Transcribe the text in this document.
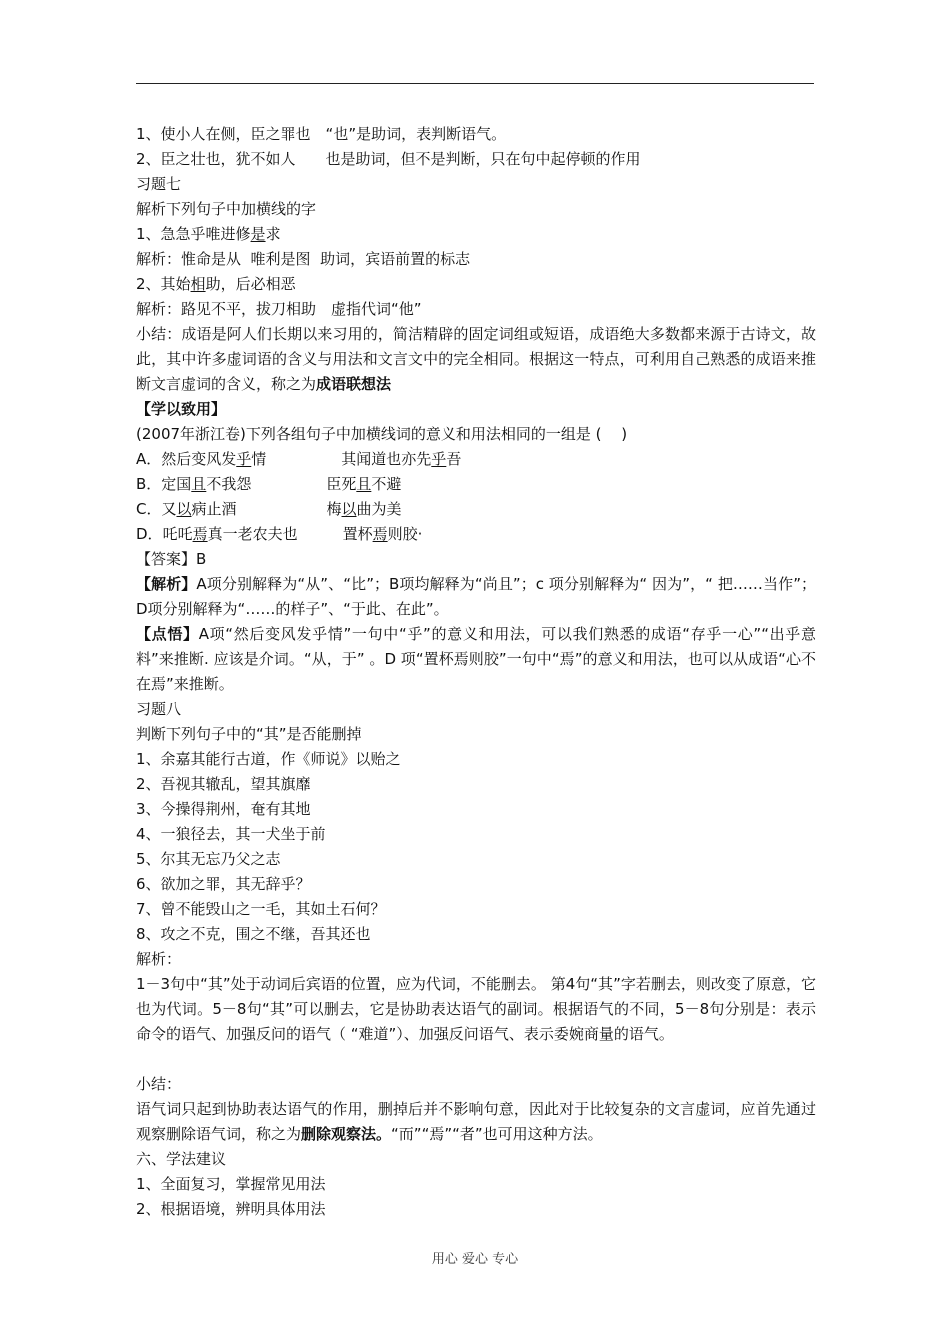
1、使小人在侧，臣之罪也　“也”是助词，表判断语气。
2、臣之壮也，犹不如人　　也是助词，但不是判断，只在句中起停顿的作用
习题七
解析下列句子中加横线的字
1、急急乎唯进修是求
解析：惟命是从  唯利是图  助词，宾语前置的标志
2、其始相助，后必相恶
解析：路见不平，拔刀相助　虚指代词“他”
小结：成语是阿人们长期以来习用的，简洁精辟的固定词组或短语，成语绝大多数都来源于古诗文，故此，其中许多虚词语的含义与用法和文言文中的完全相同。根据这一特点，可利用自己熟悉的成语来推断文言虚词的含义，称之为成语联想法
【学以致用】
(2007年浙江卷)下列各组句子中加横线词的意义和用法相同的一组是 (　 )
A．然后变风发乎情　　　　　其闻道也亦先乎吾
B．定国且不我怨　　　　　臣死且不避
C．又以病止酒　　　　　　梅以曲为美
D．吒吒焉真一老农夫也　　　置杯焉则胶·
【答案】B
【解析】A项分别解释为“从”、“比”；B项均解释为“尚且”；c 项分别解释为“ 因为”，“ 把……当作”；D项分别解释为“……的样子”、“于此、在此”。
【点悟】A项“然后变风发乎情”一句中“乎”的意义和用法，可以我们熟悉的成语“存乎一心”“出乎意料”来推断. 应该是介词。“从，于” 。D 项“置杯焉则胶”一句中“焉”的意义和用法，也可以从成语“心不在焉”来推断。
习题八
判断下列句子中的“其”是否能删掉
1、余嘉其能行古道，作《师说》以贻之
2、吾视其辙乱，望其旗靡
3、今操得荆州，奄有其地
4、一狼径去，其一犬坐于前
5、尔其无忘乃父之志
6、欲加之罪，其无辞乎？
7、曾不能毁山之一毛，其如土石何？
8、攻之不克，围之不继，吾其还也
解析：
1－3句中“其”处于动词后宾语的位置，应为代词，不能删去。 第4句“其”字若删去，则改变了原意，它也为代词。5－8句“其”可以删去，它是协助表达语气的副词。根据语气的不同，5－8句分别是：表示命令的语气、加强反问的语气（ “难道”）、加强反问语气、表示委婉商量的语气。
小结：
语气词只起到协助表达语气的作用，删掉后并不影响句意，因此对于比较复杂的文言虚词，应首先通过观察删除语气词，称之为删除观察法。“而”“焉”“者”也可用这种方法。
六、学法建议
1、全面复习，掌握常见用法
2、根据语境，辨明具体用法
用心 爱心 专心
